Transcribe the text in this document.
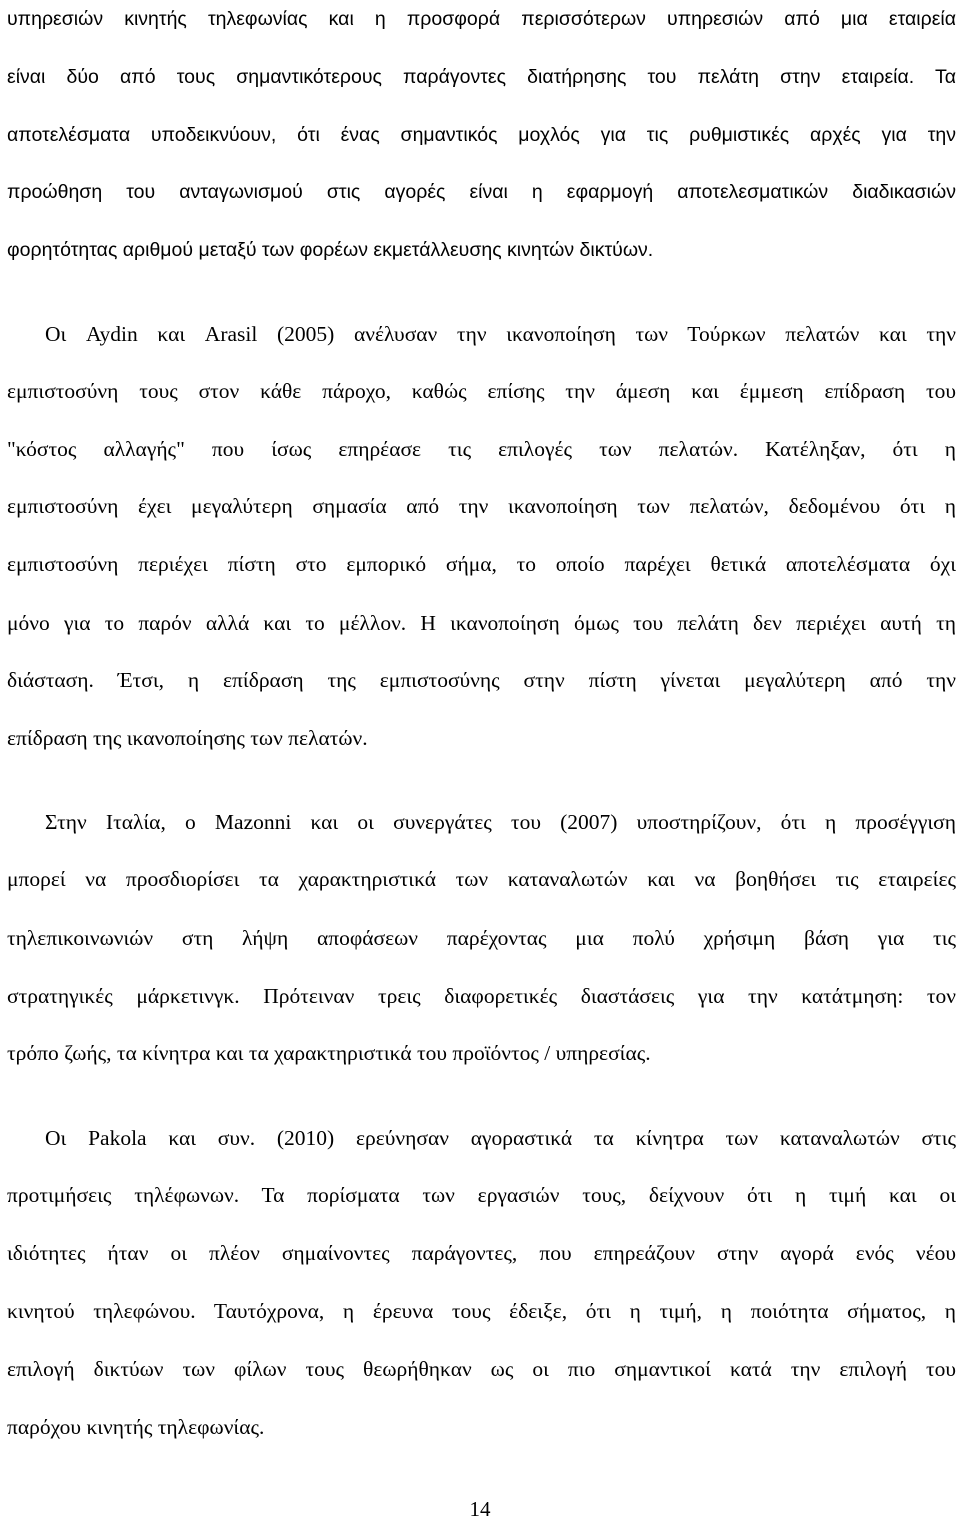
υπηρεσιών κινητής τηλεφωνίας και η προσφορά περισσότερων υπηρεσιών από μια εταιρεία
είναι δύο από τους σημαντικότερους παράγοντες διατήρησης του πελάτη στην εταιρεία. Τα
αποτελέσματα υποδεικνύουν, ότι ένας σημαντικός μοχλός για τις ρυθμιστικές αρχές για την
προώθηση του ανταγωνισμού στις αγορές είναι η εφαρμογή αποτελεσματικών διαδικασιών
φορητότητας αριθμού μεταξύ των φορέων εκμετάλλευσης κινητών δικτύων.
Οι Aydin και Arasil (2005) ανέλυσαν την ικανοποίηση των Τούρκων πελατών και την
εμπιστοσύνη τους στον κάθε πάροχο, καθώς επίσης την άμεση και έμμεση επίδραση του
"κόστος αλλαγής" που ίσως επηρέασε τις επιλογές των πελατών. Κατέληξαν, ότι η
εμπιστοσύνη έχει μεγαλύτερη σημασία από την ικανοποίηση των πελατών, δεδομένου ότι η
εμπιστοσύνη περιέχει πίστη στο εμπορικό σήμα, το οποίο παρέχει θετικά αποτελέσματα όχι
μόνο για το παρόν αλλά και το μέλλον. Η ικανοποίηση όμως του πελάτη δεν περιέχει αυτή τη
διάσταση. Έτσι, η επίδραση της εμπιστοσύνης στην πίστη γίνεται μεγαλύτερη από την
επίδραση της ικανοποίησης των πελατών.
Στην Ιταλία, ο Mazonni και οι συνεργάτες του (2007) υποστηρίζουν, ότι η προσέγγιση
μπορεί να προσδιορίσει τα χαρακτηριστικά των καταναλωτών και να βοηθήσει τις εταιρείες
τηλεπικοινωνιών στη λήψη αποφάσεων παρέχοντας μια πολύ χρήσιμη βάση για τις
στρατηγικές μάρκετινγκ. Πρότειναν τρεις διαφορετικές διαστάσεις για την κατάτμηση: τον
τρόπο ζωής, τα κίνητρα και τα χαρακτηριστικά του προϊόντος / υπηρεσίας.
Οι Pakola και συν. (2010) ερεύνησαν αγοραστικά τα κίνητρα των καταναλωτών στις
προτιμήσεις τηλέφωνων. Τα πορίσματα των εργασιών τους, δείχνουν ότι η τιμή και οι
ιδιότητες ήταν οι πλέον σημαίνοντες παράγοντες, που επηρεάζουν στην αγορά ενός νέου
κινητού τηλεφώνου. Ταυτόχρονα, η έρευνα τους έδειξε, ότι η τιμή, η ποιότητα σήματος, η
επιλογή δικτύων των φίλων τους θεωρήθηκαν ως οι πιο σημαντικοί κατά την επιλογή του
παρόχου κινητής τηλεφωνίας.
14
